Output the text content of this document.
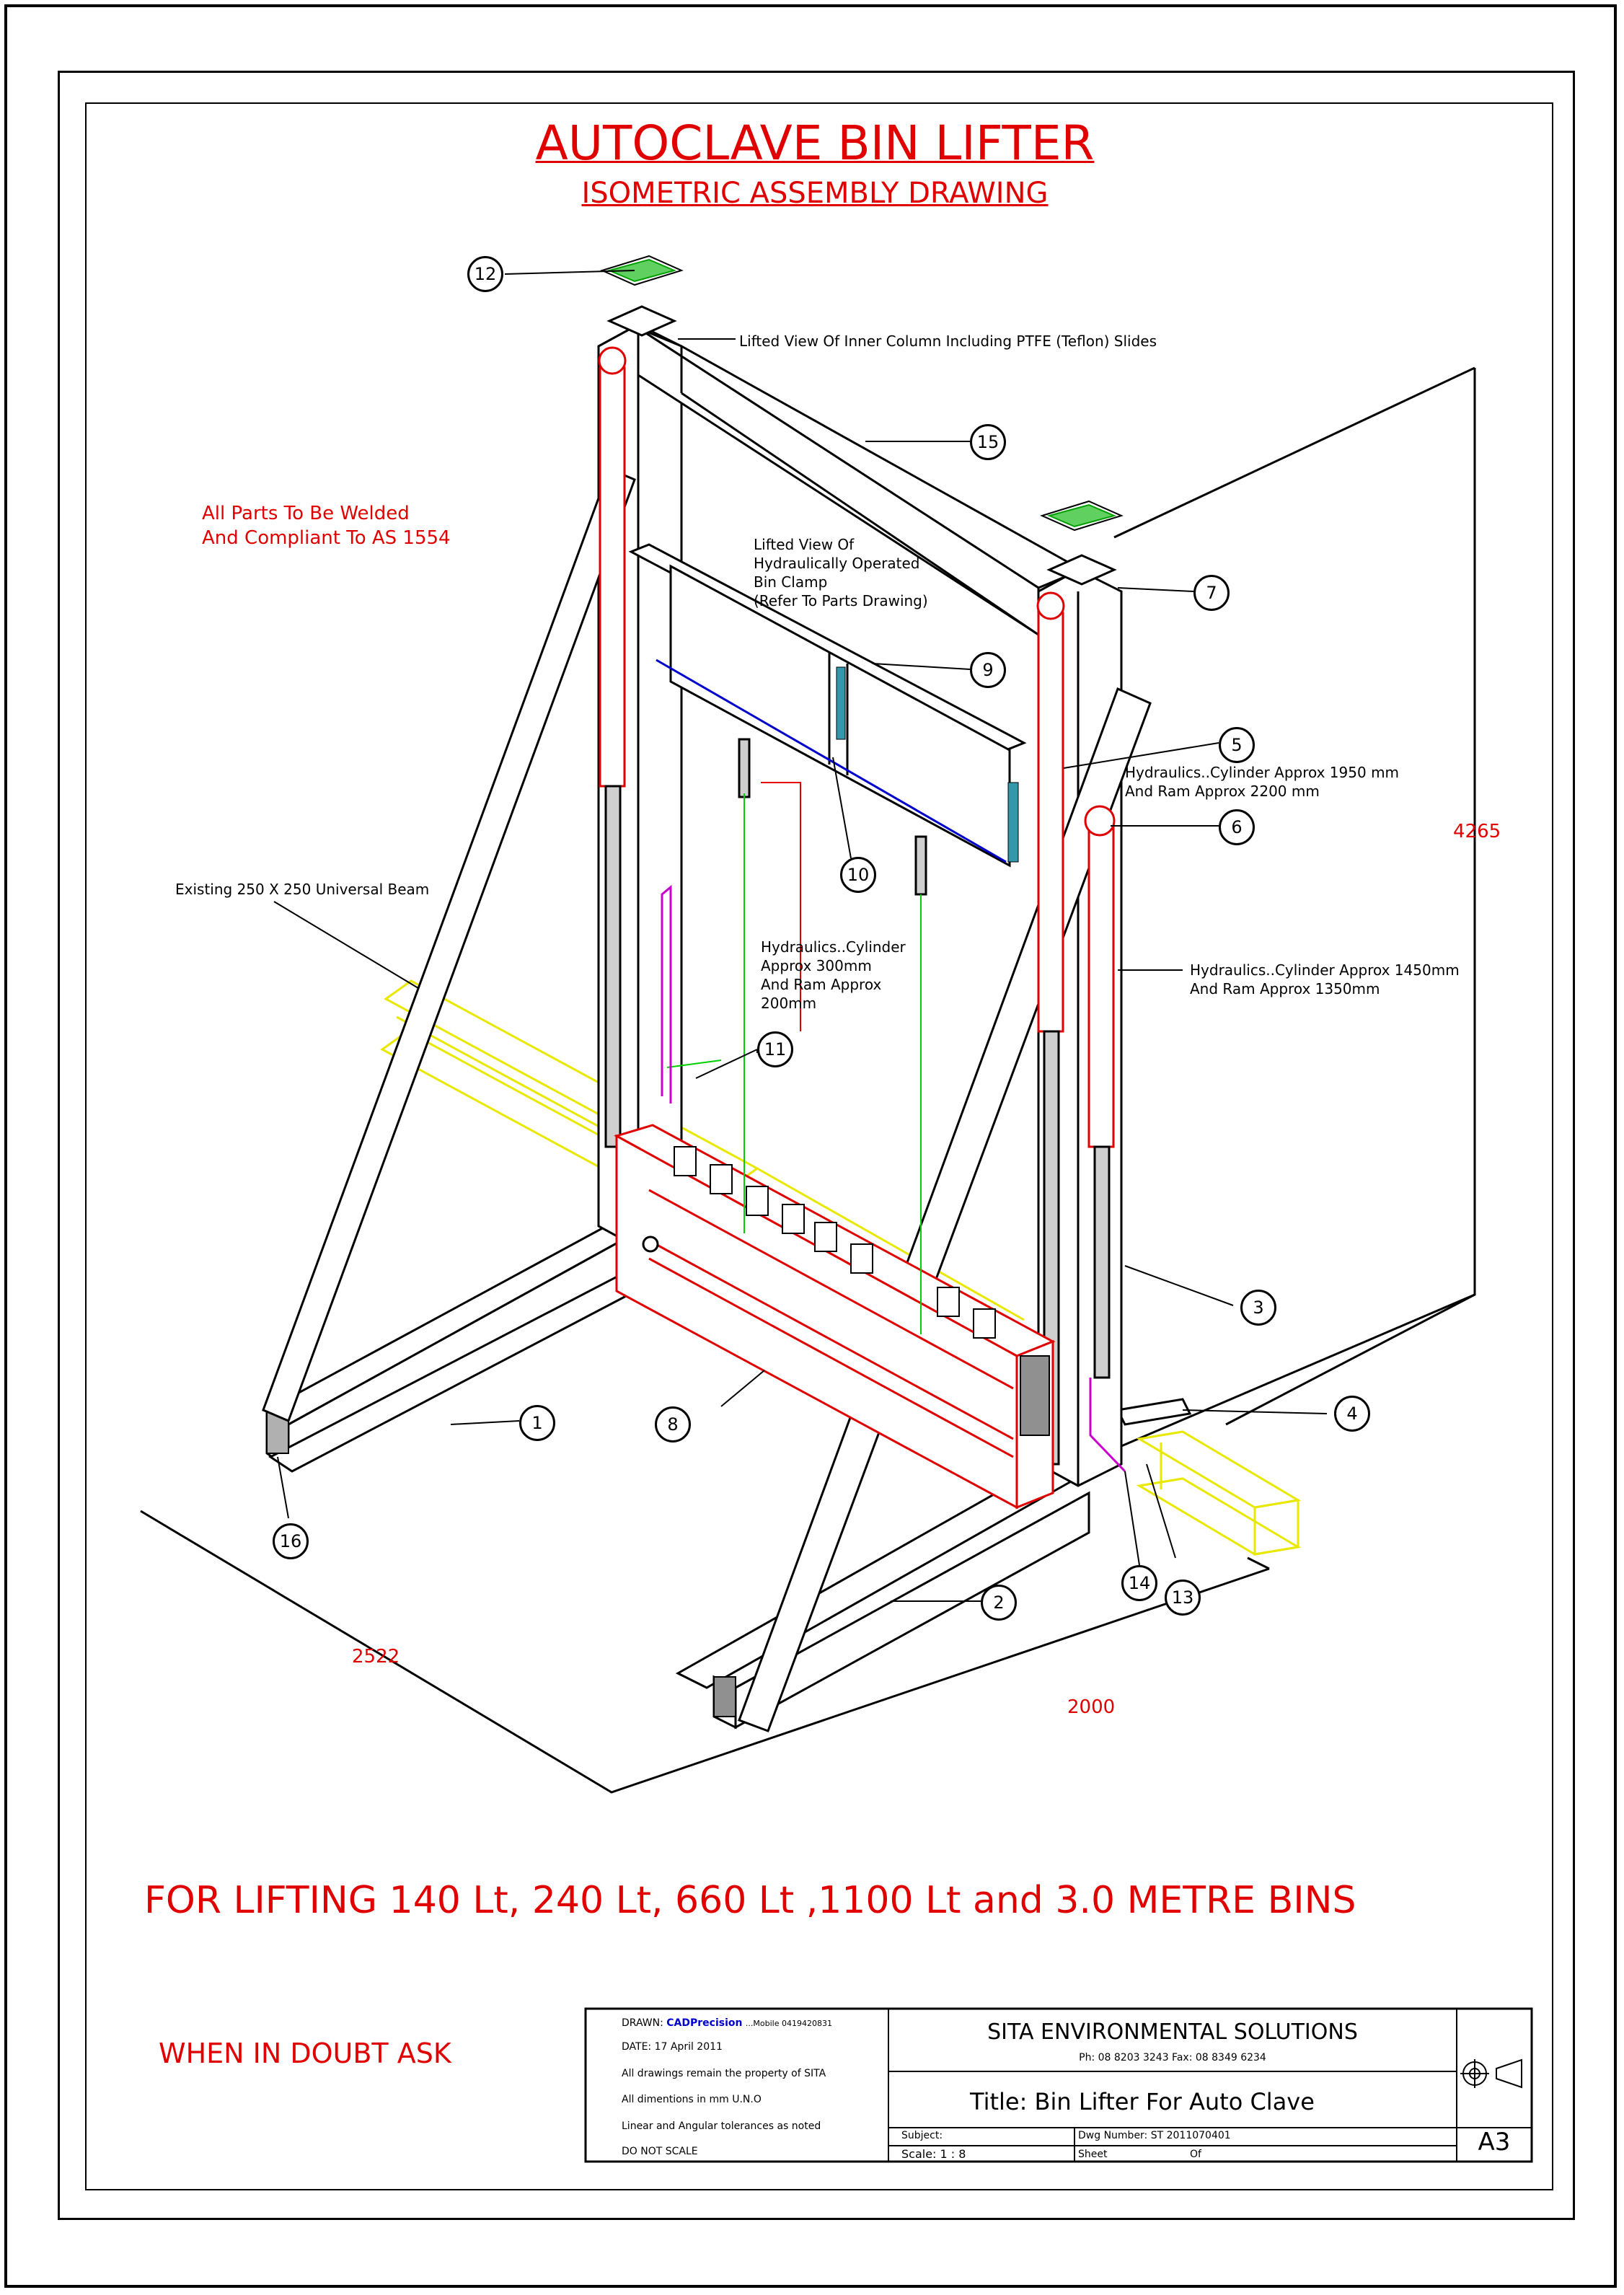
AUTOCLAVE BIN LIFTER
ISOMETRIC ASSEMBLY DRAWING
All Parts To Be Welded
And Compliant To AS 1554
Lifted View Of Inner Column Including PTFE (Teflon) Slides
Lifted View Of
Hydraulically Operated
Bin Clamp
(Refer To Parts Drawing)
Hydraulics..Cylinder Approx 1950 mm
And Ram Approx 2200 mm
Hydraulics..Cylinder Approx 1450mm
And Ram Approx 1350mm
Hydraulics..Cylinder
Approx 300mm
And Ram Approx
200mm
Existing 250 X 250 Universal Beam
4265
2522
2000
12
15
7
9
5
6
10
11
3
4
1	8
2
14
13
16
FOR LIFTING 140 Lt, 240 Lt, 660 Lt ,1100 Lt and 3.0 METRE BINS
WHEN IN DOUBT ASK
DRAWN: CADPrecision ...Mobile 0419420831
DATE: 17 April 2011
All drawings remain the property of SITA
All dimentions in mm U.N.O
Linear and Angular tolerances as noted
DO NOT SCALE
SITA ENVIRONMENTAL SOLUTIONS
Ph: 08 8203 3243 Fax: 08 8349 6234
Title: Bin Lifter For Auto Clave
Subject:	Dwg Number: ST 2011070401
Scale: 1 : 8	Sheet	Of	A3
